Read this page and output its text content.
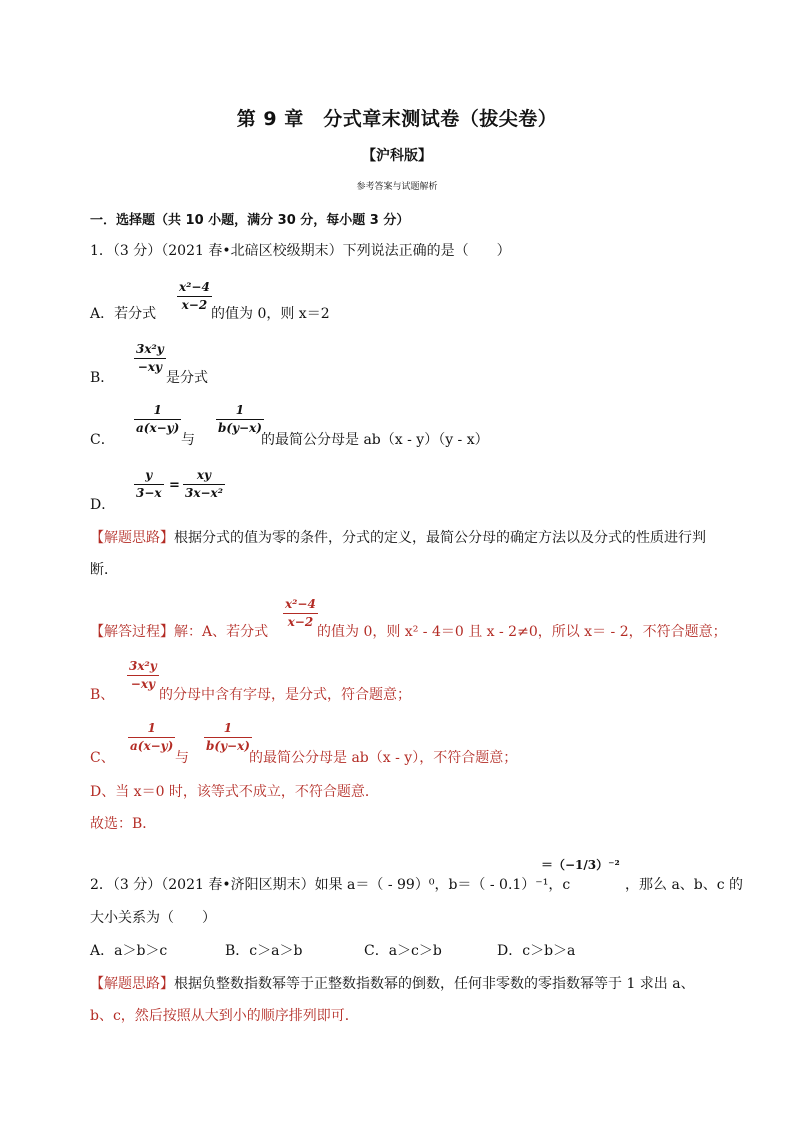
第 9 章　分式章末测试卷（拔尖卷）
【沪科版】
参考答案与试题解析
一．选择题（共 10 小题，满分 30 分，每小题 3 分）
1．（3 分）（2021 春•北碚区校级期末）下列说法正确的是（　　）
A．若分式
$\frac{\text{x²−4}}{x-2}$
的值为 0，则 x＝2
B．
$\frac{\text{3x²y}}{-xy}$
是分式
C．
$\frac{1}{a(x-y)}$
与
$\frac{1}{b(y-x)}$
的最简公分母是 ab（x - y）（y - x）
D．
$\frac{y}{3-x} = \frac{xy}{\text{3x−x²}}$
【解题思路】根据分式的值为零的条件，分式的定义，最简公分母的确定方法以及分式的性质进行判
断．
【解答过程】解：A、若分式
$\frac{\text{x²−4}}{x-2}$
的值为 0，则 x² - 4＝0 且 x - 2≠0，所以 x＝ - 2，不符合题意；
B、
$\frac{\text{3x²y}}{-xy}$
的分母中含有字母，是分式，符合题意；
C、
$\frac{1}{a(x-y)}$
与
$\frac{1}{b(y-x)}$
的最简公分母是 ab（x - y），不符合题意；
D、当 x＝0 时，该等式不成立，不符合题意．
故选：B．
2．（3 分）（2021 春•济阳区期末）如果 a＝（ - 99）⁰，b＝（ - 0.1）⁻¹，c
＝（−1/3）⁻²
，那么 a、b、c 的
大小关系为（　　）
A．a＞b＞c	B．c＞a＞b	C．a＞c＞b	D．c＞b＞a
【解题思路】根据负整数指数幂等于正整数指数幂的倒数，任何非零数的零指数幂等于 1 求出 a、
b、c，然后按照从大到小的顺序排列即可．
